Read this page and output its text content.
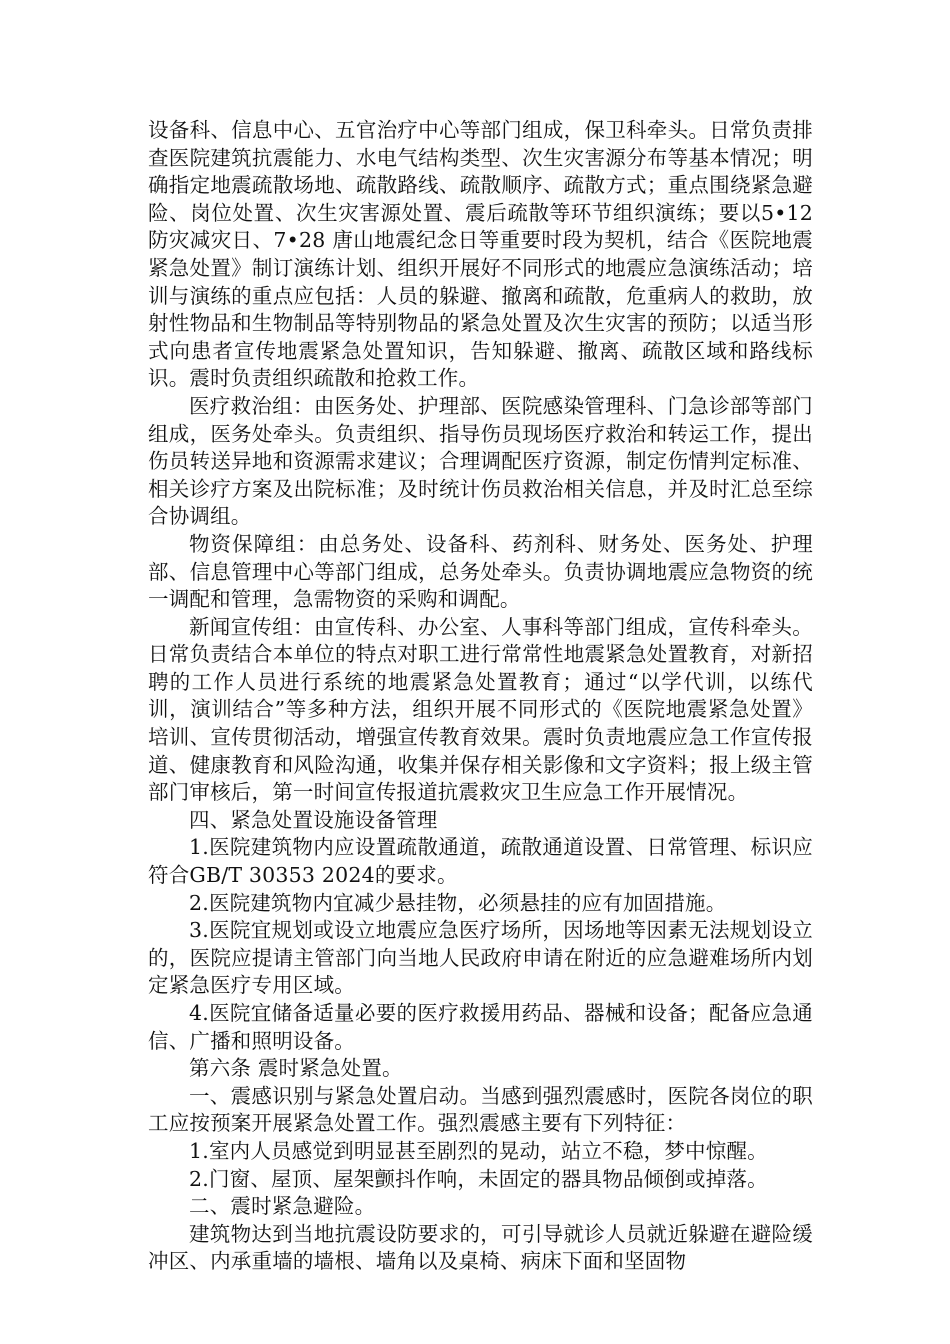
设备科、信息中心、五官治疗中心等部门组成，保卫科牵头。日常负责排查医院建筑抗震能力、水电气结构类型、次生灾害源分布等基本情况；明确指定地震疏散场地、疏散路线、疏散顺序、疏散方式；重点围绕紧急避险、岗位处置、次生灾害源处置、震后疏散等环节组织演练；要以5•12 防灾减灾日、7•28 唐山地震纪念日等重要时段为契机，结合《医院地震紧急处置》制订演练计划、组织开展好不同形式的地震应急演练活动；培训与演练的重点应包括：人员的躲避、撤离和疏散，危重病人的救助，放射性物品和生物制品等特别物品的紧急处置及次生灾害的预防；以适当形式向患者宣传地震紧急处置知识，告知躲避、撤离、疏散区域和路线标识。震时负责组织疏散和抢救工作。

医疗救治组：由医务处、护理部、医院感染管理科、门急诊部等部门组成，医务处牵头。负责组织、指导伤员现场医疗救治和转运工作，提出伤员转送异地和资源需求建议；合理调配医疗资源，制定伤情判定标准、相关诊疗方案及出院标准；及时统计伤员救治相关信息，并及时汇总至综合协调组。

物资保障组：由总务处、设备科、药剂科、财务处、医务处、护理部、信息管理中心等部门组成，总务处牵头。负责协调地震应急物资的统一调配和管理，急需物资的采购和调配。

新闻宣传组：由宣传科、办公室、人事科等部门组成，宣传科牵头。日常负责结合本单位的特点对职工进行常常性地震紧急处置教育，对新招聘的工作人员进行系统的地震紧急处置教育；通过“以学代训，以练代训，演训结合”等多种方法，组织开展不同形式的《医院地震紧急处置》培训、宣传贯彻活动，增强宣传教育效果。震时负责地震应急工作宣传报道、健康教育和风险沟通，收集并保存相关影像和文字资料；报上级主管部门审核后，第一时间宣传报道抗震救灾卫生应急工作开展情况。

四、紧急处置设施设备管理

1.医院建筑物内应设置疏散通道，疏散通道设置、日常管理、标识应符合GB/T 30353 2024的要求。

2.医院建筑物内宜减少悬挂物，必须悬挂的应有加固措施。

3.医院宜规划或设立地震应急医疗场所，因场地等因素无法规划设立的，医院应提请主管部门向当地人民政府申请在附近的应急避难场所内划定紧急医疗专用区域。

4.医院宜储备适量必要的医疗救援用药品、器械和设备；配备应急通信、广播和照明设备。

第六条 震时紧急处置。

一、震感识别与紧急处置启动。当感到强烈震感时，医院各岗位的职工应按预案开展紧急处置工作。强烈震感主要有下列特征：

1.室内人员感觉到明显甚至剧烈的晃动，站立不稳，梦中惊醒。

2.门窗、屋顶、屋架颤抖作响，未固定的器具物品倾倒或掉落。

二、震时紧急避险。

建筑物达到当地抗震设防要求的，可引导就诊人员就近躲避在避险缓冲区、内承重墙的墙根、墙角以及桌椅、病床下面和坚固物
